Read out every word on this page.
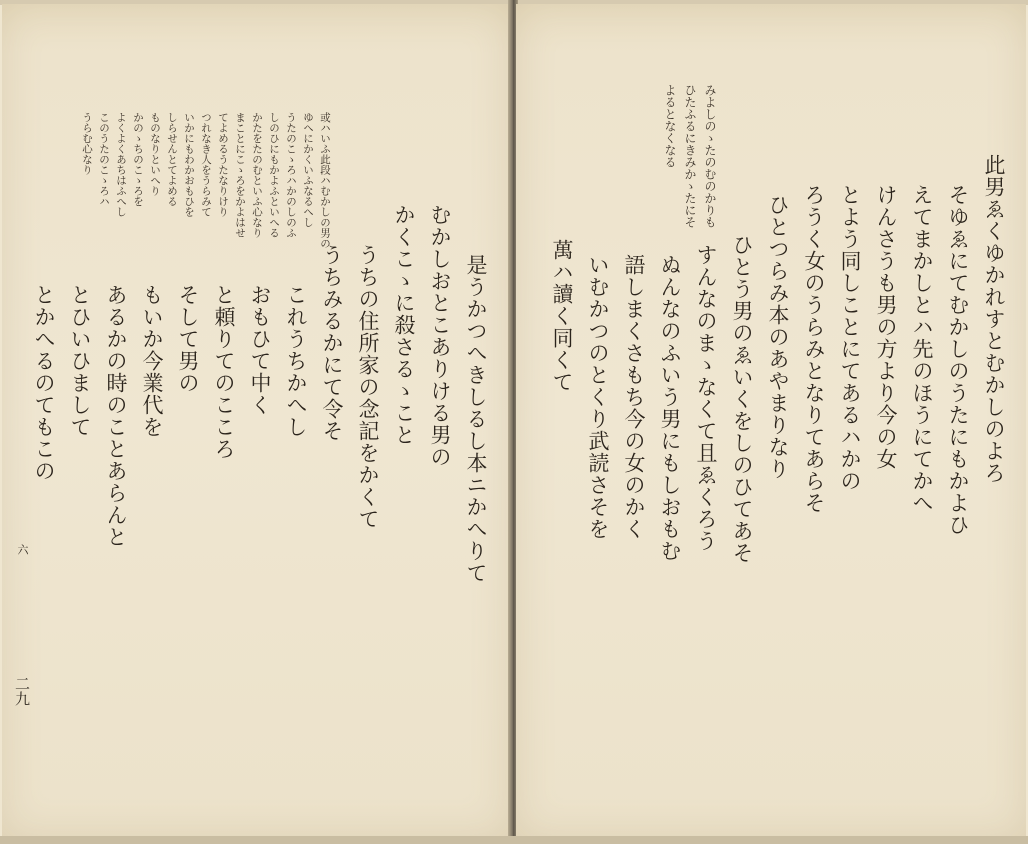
或ハいふ此段ハむかしの男の
ゆへにかくいふなるへし
うたのこゝろハかのしのふ
しのひにもかよふといへる
かたをたのむといふ心なり
まことにこゝろをかよはせ
てよめるうたなりけり
つれなき人をうらみて
いかにもわかおもひを
しらせんとてよめる
ものなりといへり
かのゝちのこゝろを
よくよくあちはふへし
このうたのこゝろハ
うらむ心なり
是うかつへきしるし本ニかへりて
むかしおとこありける男の
かくこゝに殺さるゝこと
うちの住所家の念記をかくて
うちみるかにて令そ
これうちかへし
おもひて中く
と頼りてのこころ
そして男の
もいか今業代を
あるかの時のことあらんと
とひいひまして
とかへるのてもこの
六
二九
みよしのゝたのむのかりも
ひたふるにきみかゝたにそ
よるとなくなる
此男ゑくゆかれすとむかしのよろ
そゆゑにてむかしのうたにもかよひ
えてまかしとハ先のほうにてかへ
けんさうも男の方より今の女
とよう同しことにてあるハかの
ろうく女のうらみとなりてあらそ
ひとつらみ本のあやまりなり
ひとう男のゑいくをしのひてあそ
すんなのまゝなくて且ゑくろう
ぬんなのふいう男にもしおもむ
語しまくさもち今の女のかく
いむかつのとくり武読さそを
萬ハ讀く同くて
